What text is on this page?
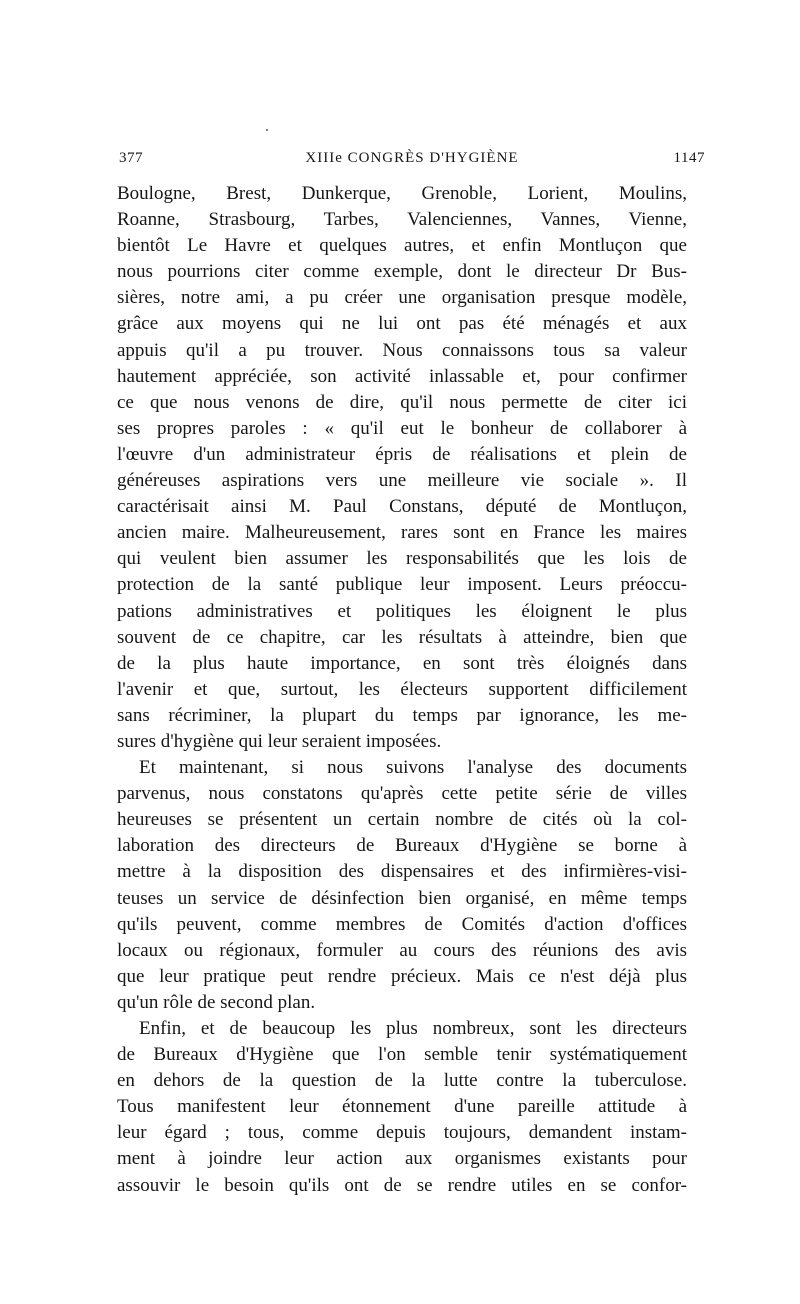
377	XIIIe CONGRÈS D'HYGIÈNE	1147
Boulogne, Brest, Dunkerque, Grenoble, Lorient, Moulins,
Roanne, Strasbourg, Tarbes, Valenciennes, Vannes, Vienne,
bientôt Le Havre et quelques autres, et enfin Montluçon que
nous pourrions citer comme exemple, dont le directeur Dr Bus-
sières, notre ami, a pu créer une organisation presque modèle,
grâce aux moyens qui ne lui ont pas été ménagés et aux
appuis qu'il a pu trouver. Nous connaissons tous sa valeur
hautement appréciée, son activité inlassable et, pour confirmer
ce que nous venons de dire, qu'il nous permette de citer ici
ses propres paroles : « qu'il eut le bonheur de collaborer à
l'œuvre d'un administrateur épris de réalisations et plein de
généreuses aspirations vers une meilleure vie sociale ». Il
caractérisait ainsi M. Paul Constans, député de Montluçon,
ancien maire. Malheureusement, rares sont en France les maires
qui veulent bien assumer les responsabilités que les lois de
protection de la santé publique leur imposent. Leurs préoccu-
pations administratives et politiques les éloignent le plus
souvent de ce chapitre, car les résultats à atteindre, bien que
de la plus haute importance, en sont très éloignés dans
l'avenir et que, surtout, les électeurs supportent difficilement
sans récriminer, la plupart du temps par ignorance, les me-
sures d'hygiène qui leur seraient imposées.
Et maintenant, si nous suivons l'analyse des documents
parvenus, nous constatons qu'après cette petite série de villes
heureuses se présentent un certain nombre de cités où la col-
laboration des directeurs de Bureaux d'Hygiène se borne à
mettre à la disposition des dispensaires et des infirmières-visi-
teuses un service de désinfection bien organisé, en même temps
qu'ils peuvent, comme membres de Comités d'action d'offices
locaux ou régionaux, formuler au cours des réunions des avis
que leur pratique peut rendre précieux. Mais ce n'est déjà plus
qu'un rôle de second plan.
Enfin, et de beaucoup les plus nombreux, sont les directeurs
de Bureaux d'Hygiène que l'on semble tenir systématiquement
en dehors de la question de la lutte contre la tuberculose.
Tous manifestent leur étonnement d'une pareille attitude à
leur égard ; tous, comme depuis toujours, demandent instam-
ment à joindre leur action aux organismes existants pour
assouvir le besoin qu'ils ont de se rendre utiles en se confor-
